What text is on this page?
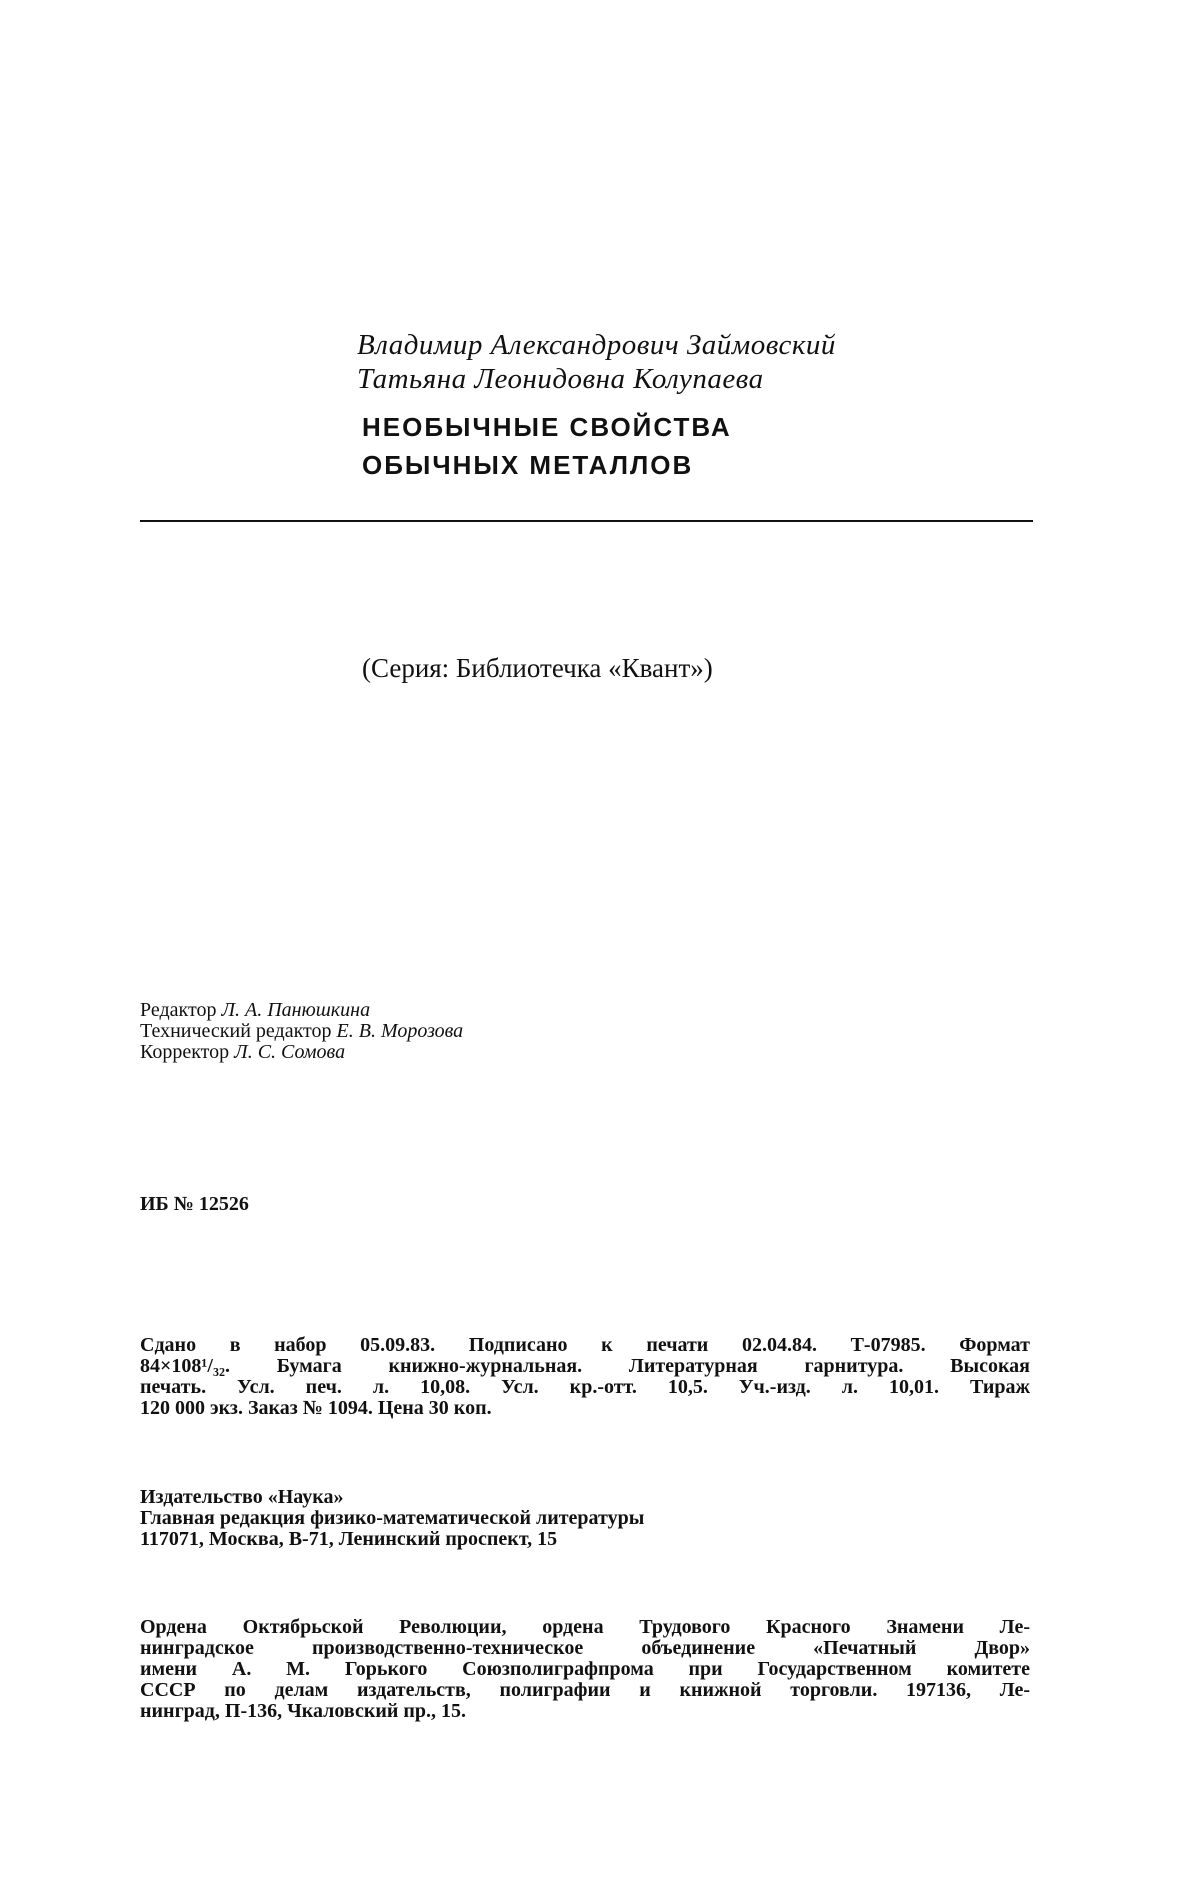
Владимир Александрович Займовский
Татьяна Леонидовна Колупаева
НЕОБЫЧНЫЕ СВОЙСТВА
ОБЫЧНЫХ МЕТАЛЛОВ
(Серия: Библиотечка «Квант»)
Редактор Л. А. Панюшкина
Технический редактор Е. В. Морозова
Корректор Л. С. Сомова
ИБ № 12526
Сдано в набор 05.09.83. Подписано к печати 02.04.84. Т-07985. Формат
84×108¹/₃₂. Бумага книжно-журнальная. Литературная гарнитура. Высокая
печать. Усл. печ. л. 10,08. Усл. кр.-отт. 10,5. Уч.-изд. л. 10,01. Тираж
120 000 экз. Заказ № 1094. Цена 30 коп.
Издательство «Наука»
Главная редакция физико-математической литературы
117071, Москва, В-71, Ленинский проспект, 15
Ордена Октябрьской Революции, ордена Трудового Красного Знамени Ле-
нинградское производственно-техническое объединение «Печатный Двор»
имени А. М. Горького Союзполиграфпрома при Государственном комитете
СССР по делам издательств, полиграфии и книжной торговли. 197136, Ле-
нинград, П-136, Чкаловский пр., 15.
